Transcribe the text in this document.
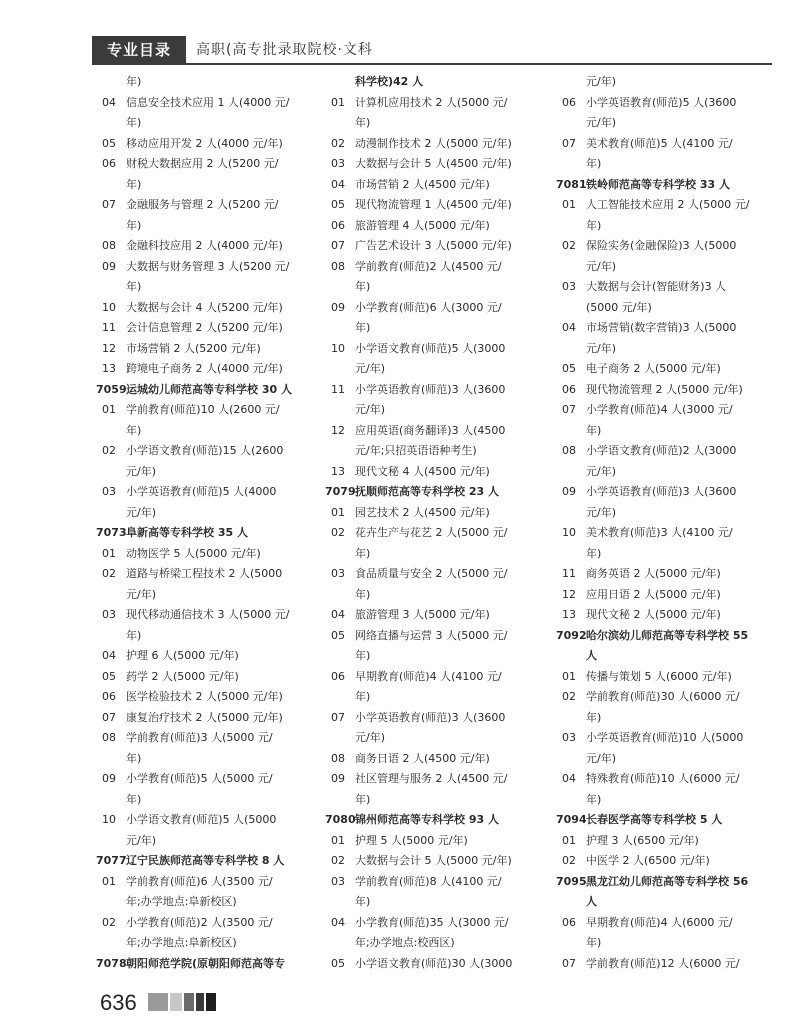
专业目录	高职(高专批录取院校·文科
年)
04 信息安全技术应用 1 人(4000 元/
年)
05 移动应用开发 2 人(4000 元/年)
06 财税大数据应用 2 人(5200 元/
年)
07 金融服务与管理 2 人(5200 元/
年)
08 金融科技应用 2 人(4000 元/年)
09 大数据与财务管理 3 人(5200 元/
年)
10 大数据与会计 4 人(5200 元/年)
11 会计信息管理 2 人(5200 元/年)
12 市场营销 2 人(5200 元/年)
13 跨境电子商务 2 人(4000 元/年)
7059 运城幼儿师范高等专科学校 30 人
01 学前教育(师范)10 人(2600 元/
年)
02 小学语文教育(师范)15 人(2600
元/年)
03 小学英语教育(师范)5 人(4000
元/年)
7073 阜新高等专科学校 35 人
01 动物医学 5 人(5000 元/年)
02 道路与桥梁工程技术 2 人(5000
元/年)
03 现代移动通信技术 3 人(5000 元/
年)
04 护理 6 人(5000 元/年)
05 药学 2 人(5000 元/年)
06 医学检验技术 2 人(5000 元/年)
07 康复治疗技术 2 人(5000 元/年)
08 学前教育(师范)3 人(5000 元/
年)
09 小学教育(师范)5 人(5000 元/
年)
10 小学语文教育(师范)5 人(5000
元/年)
7077 辽宁民族师范高等专科学校 8 人
01 学前教育(师范)6 人(3500 元/
年;办学地点:阜新校区)
02 小学教育(师范)2 人(3500 元/
年;办学地点:阜新校区)
7078 朝阳师范学院(原朝阳师范高等专
科学校)42 人
01 计算机应用技术 2 人(5000 元/
年)
02 动漫制作技术 2 人(5000 元/年)
03 大数据与会计 5 人(4500 元/年)
04 市场营销 2 人(4500 元/年)
05 现代物流管理 1 人(4500 元/年)
06 旅游管理 4 人(5000 元/年)
07 广告艺术设计 3 人(5000 元/年)
08 学前教育(师范)2 人(4500 元/
年)
09 小学教育(师范)6 人(3000 元/
年)
10 小学语文教育(师范)5 人(3000
元/年)
11 小学英语教育(师范)3 人(3600
元/年)
12 应用英语(商务翻译)3 人(4500
元/年;只招英语语种考生)
13 现代文秘 4 人(4500 元/年)
7079 抚顺师范高等专科学校 23 人
01 园艺技术 2 人(4500 元/年)
02 花卉生产与花艺 2 人(5000 元/
年)
03 食品质量与安全 2 人(5000 元/
年)
04 旅游管理 3 人(5000 元/年)
05 网络直播与运营 3 人(5000 元/
年)
06 早期教育(师范)4 人(4100 元/
年)
07 小学英语教育(师范)3 人(3600
元/年)
08 商务日语 2 人(4500 元/年)
09 社区管理与服务 2 人(4500 元/
年)
7080 锦州师范高等专科学校 93 人
01 护理 5 人(5000 元/年)
02 大数据与会计 5 人(5000 元/年)
03 学前教育(师范)8 人(4100 元/
年)
04 小学教育(师范)35 人(3000 元/
年;办学地点:校西区)
05 小学语文教育(师范)30 人(3000
元/年)
06 小学英语教育(师范)5 人(3600
元/年)
07 美术教育(师范)5 人(4100 元/
年)
7081 铁岭师范高等专科学校 33 人
01 人工智能技术应用 2 人(5000 元/
年)
02 保险实务(金融保险)3 人(5000
元/年)
03 大数据与会计(智能财务)3 人
(5000 元/年)
04 市场营销(数字营销)3 人(5000
元/年)
05 电子商务 2 人(5000 元/年)
06 现代物流管理 2 人(5000 元/年)
07 小学教育(师范)4 人(3000 元/
年)
08 小学语文教育(师范)2 人(3000
元/年)
09 小学英语教育(师范)3 人(3600
元/年)
10 美术教育(师范)3 人(4100 元/
年)
11 商务英语 2 人(5000 元/年)
12 应用日语 2 人(5000 元/年)
13 现代文秘 2 人(5000 元/年)
7092 哈尔滨幼儿师范高等专科学校 55
人
01 传播与策划 5 人(6000 元/年)
02 学前教育(师范)30 人(6000 元/
年)
03 小学英语教育(师范)10 人(5000
元/年)
04 特殊教育(师范)10 人(6000 元/
年)
7094 长春医学高等专科学校 5 人
01 护理 3 人(6500 元/年)
02 中医学 2 人(6500 元/年)
7095 黑龙江幼儿师范高等专科学校 56
人
06 早期教育(师范)4 人(6000 元/
年)
07 学前教育(师范)12 人(6000 元/
636
